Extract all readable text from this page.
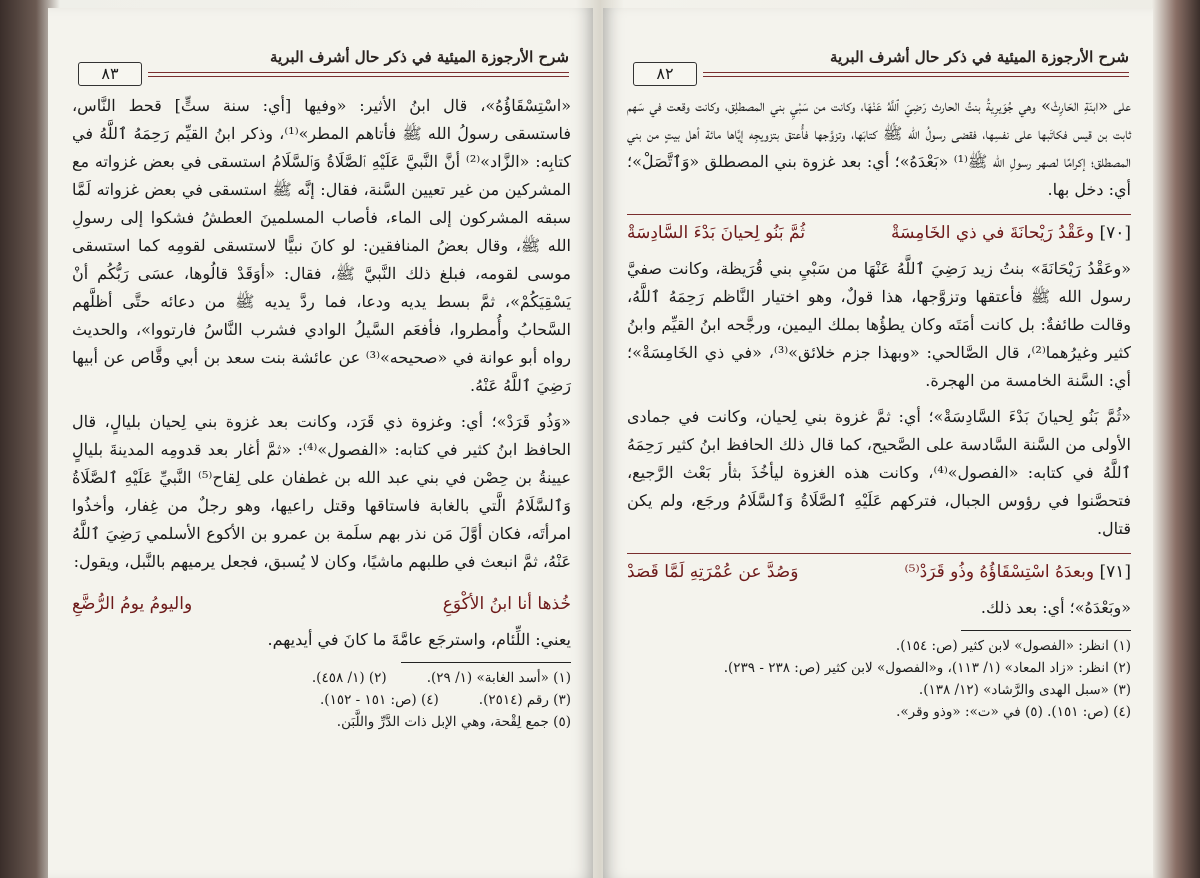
شرح الأرجوزة الميئية في ذكر حال أشرف البرية
٨٣

«اسْتِسْقَاؤُهُ»، قال ابنُ الأثير: «وفيها [أي: سنة ستٍّ] قحط النَّاس، فاستسقى رسولُ الله ﷺ فأتاهم المطر»⁽¹⁾، وذكر ابنُ القيِّم رَحِمَهُ ٱللَّهُ في كتابِه: «الزَّاد»⁽²⁾ أنَّ النَّبيَّ عَلَيْهِ ٱلصَّلَاةُ وَٱلسَّلَامُ استسقى في بعض غزواته مع المشركين من غير تعيين السَّنة، فقال: إنَّه ﷺ استسقى في بعض غزواته لَمَّا سبقه المشركون إلى الماء، فأصاب المسلمينَ العطشُ فشكوا إلى رسولِ الله ﷺ، وقال بعضُ المنافقين: لو كانَ نبيًّا لاستسقى لقومِه كما استسقى موسى لقومه، فبلغ ذلك النَّبيَّ ﷺ، فقال: «أوَقَدْ قالُوها، عسَى رَبُّكُم أنْ يَسْقِيَكُمْ»، ثمَّ بسط يديه ودعا، فما ردَّ يديه ﷺ من دعائه حتَّى أظلَّهم السَّحابُ وأُمطروا، فأفعَم السَّيلُ الوادي فشرب النَّاسُ فارتووا»، والحديث رواه أبو عوانة في «صحيحه»⁽³⁾ عن عائشة بنت سعد بن أبي وقَّاص عن أبيها رَضِيَ ٱللَّهُ عَنْهُ.

«وَذُو قَرَدْ»؛ أي: وغزوة ذي قَرَد، وكانت بعد غزوة بني لِحيان بليالٍ، قال الحافظ ابنُ كثير في كتابه: «الفصول»⁽⁴⁾: «ثمَّ أغار بعد قدومِه المدينةَ بليالٍ عيينةُ بن حِصْن في بني عبد الله بن غطفان على لِقاح⁽⁵⁾ النَّبيِّ عَلَيْهِ ٱلصَّلَاةُ وَٱلسَّلَامُ الَّتي بالغابة فاستاقها وقتل راعيها، وهو رجلٌ من غِفار، وأخذُوا امرأتَه، فكان أوَّلَ مَن نذر بهم سلَمة بن عمرو بن الأكوع الأسلمي رَضِيَ ٱللَّهُ عَنْهُ، ثمَّ انبعث في طلبهم ماشيًا، وكان لا يُسبق، فجعل يرميهم بالنَّبل، ويقول:

خُذها أنا ابنُ الأكْوَعِ
واليومُ يومُ الرُّضَّعِ

يعني: اللِّئام، واسترجَع عامَّةَ ما كانَ في أيديهم.

(١) «أسد الغابة» (١/ ٢٩).
(٢) (١/ ٤٥٨).
(٣) رقم (٢٥١٤).
(٤) (ص: ١٥١ - ١٥٢).
(٥) جمع لِقْحة، وهي الإبل ذات الدَّرِّ واللَّبَن.
شرح الأرجوزة الميئية في ذكر حال أشرف البرية
٨٢

على «ابنَةِ الحَارِثْ» وهي جُوَيرِيةُ بنتُ الحارث رَضِيَ ٱللَّهُ عَنْهَا، وكانت من سَبْيِ بني المصطلِق، وكانت وقعت في سَهم ثابت بن قيس فكاتَبها على نفسِها، فقضى رسولُ الله ﷺ كتابَها، وتزوَّجها فأُعتق بتزويجِه إيَّاها مائة أهل بيتٍ من بني المصطلق؛ إكرامًا لصهر رسولِ الله ﷺ⁽¹⁾ «بَعْدَهُ»؛ أي: بعد غزوة بني المصطلق «وَٱتَّصَلْ»؛ أي: دخل بها.

[٧٠] وعَقْدُ رَيْحانَةَ في ذي الخَامِسَةْ
ثُمَّ بَنُو لِحيانَ بَدْءَ السَّادِسَةْ

«وعَقْدُ رَيْحَانَةَ» بنتُ زيد رَضِيَ ٱللَّهُ عَنْهَا من سَبْيِ بني قُرَيظة، وكانت صفيَّ رسول الله ﷺ فأعتقها وتزوَّجها، هذا قولٌ، وهو اختيار النَّاظم رَحِمَهُ ٱللَّهُ، وقالت طائفةٌ: بل كانت أمَتَه وكان يطؤُها بملك اليمين، ورجَّحه ابنُ القيِّم وابنُ كثير وغيرُهما⁽²⁾، قال الصَّالحي: «وبهذا جزم خلائق»⁽³⁾، «في ذي الخَامِسَةْ»؛ أي: السَّنة الخامسة من الهجرة.

«ثُمَّ بَنُو لِحيانَ بَدْءَ السَّادِسَةْ»؛ أي: ثمَّ غزوة بني لِحيان، وكانت في جمادى الأولى من السَّنة السَّادسة على الصَّحيح، كما قال ذلك الحافظ ابنُ كثير رَحِمَهُ ٱللَّهُ في كتابه: «الفصول»⁽⁴⁾، وكانت هذه الغزوة ليأخُذَ بثأر بَعْث الرَّجيع، فتحصَّنوا في رؤوس الجبال، فتركهم عَلَيْهِ ٱلصَّلَاةُ وَٱلسَّلَامُ ورجَع، ولم يكن قتال.

[٧١] وبعدَهُ اسْتِسْقَاؤُهُ وذُو قَرَدْ⁽⁵⁾
وَصُدَّ عن عُمْرَتِهِ لَمَّا قَصَدْ

«وبَعْدَهُ»؛ أي: بعد ذلك.

(١) انظر: «الفصول» لابن كثير (ص: ١٥٤).
(٢) انظر: «زاد المعاد» (١/ ١١٣)، و«الفصول» لابن كثير (ص: ٢٣٨ - ٢٣٩).
(٣) «سبل الهدى والرَّشاد» (١٢/ ١٣٨).
(٤) (ص: ١٥١). (٥) في «ت»: «وذو وقر».
